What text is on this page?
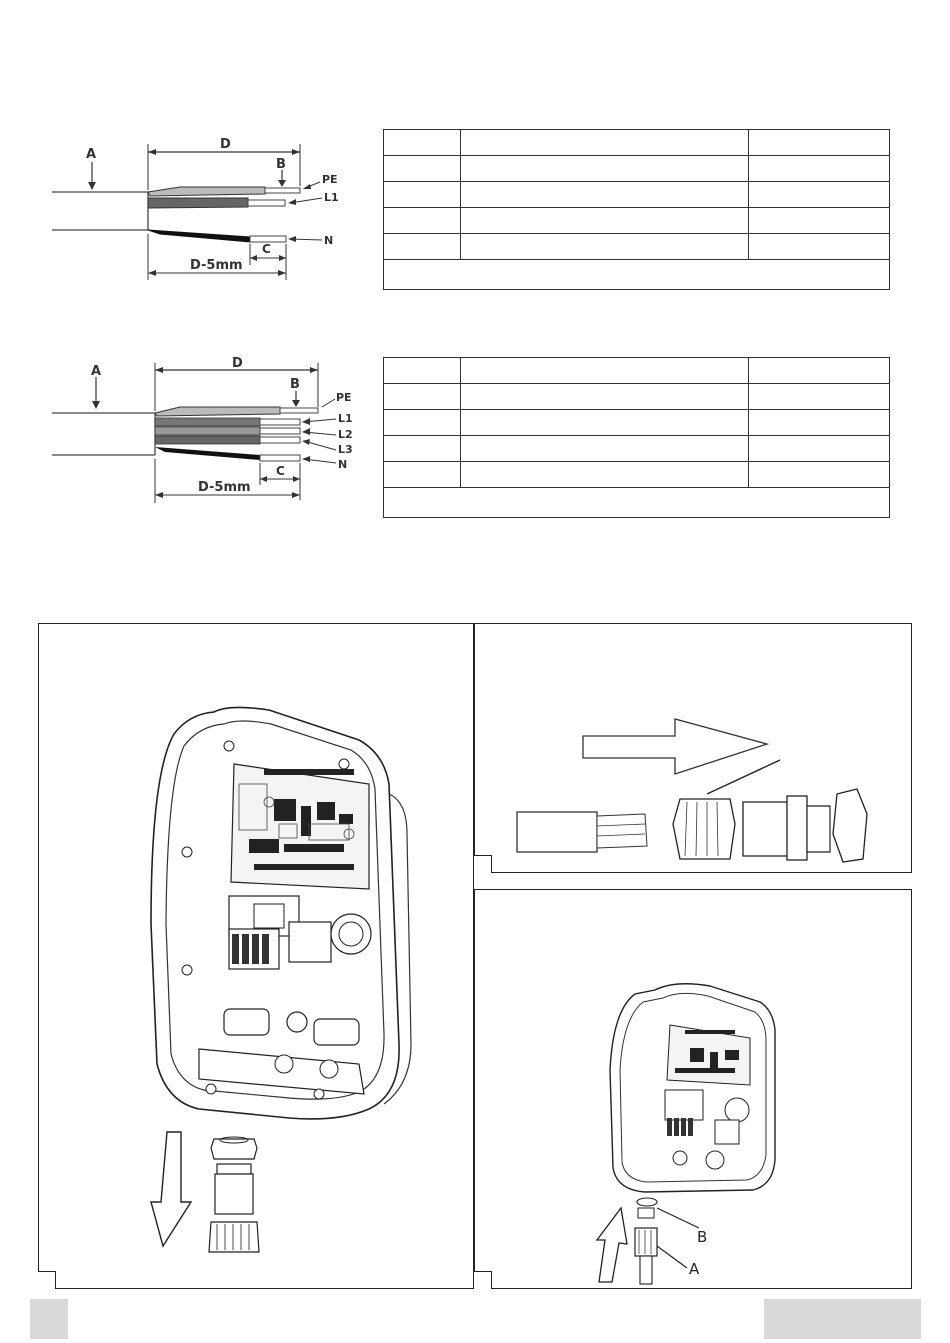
D
A
B
PE
L1
N
C
D-5mm

D
A
B
PE
L1
L2
L3
N
C
D-5mm

B
A
